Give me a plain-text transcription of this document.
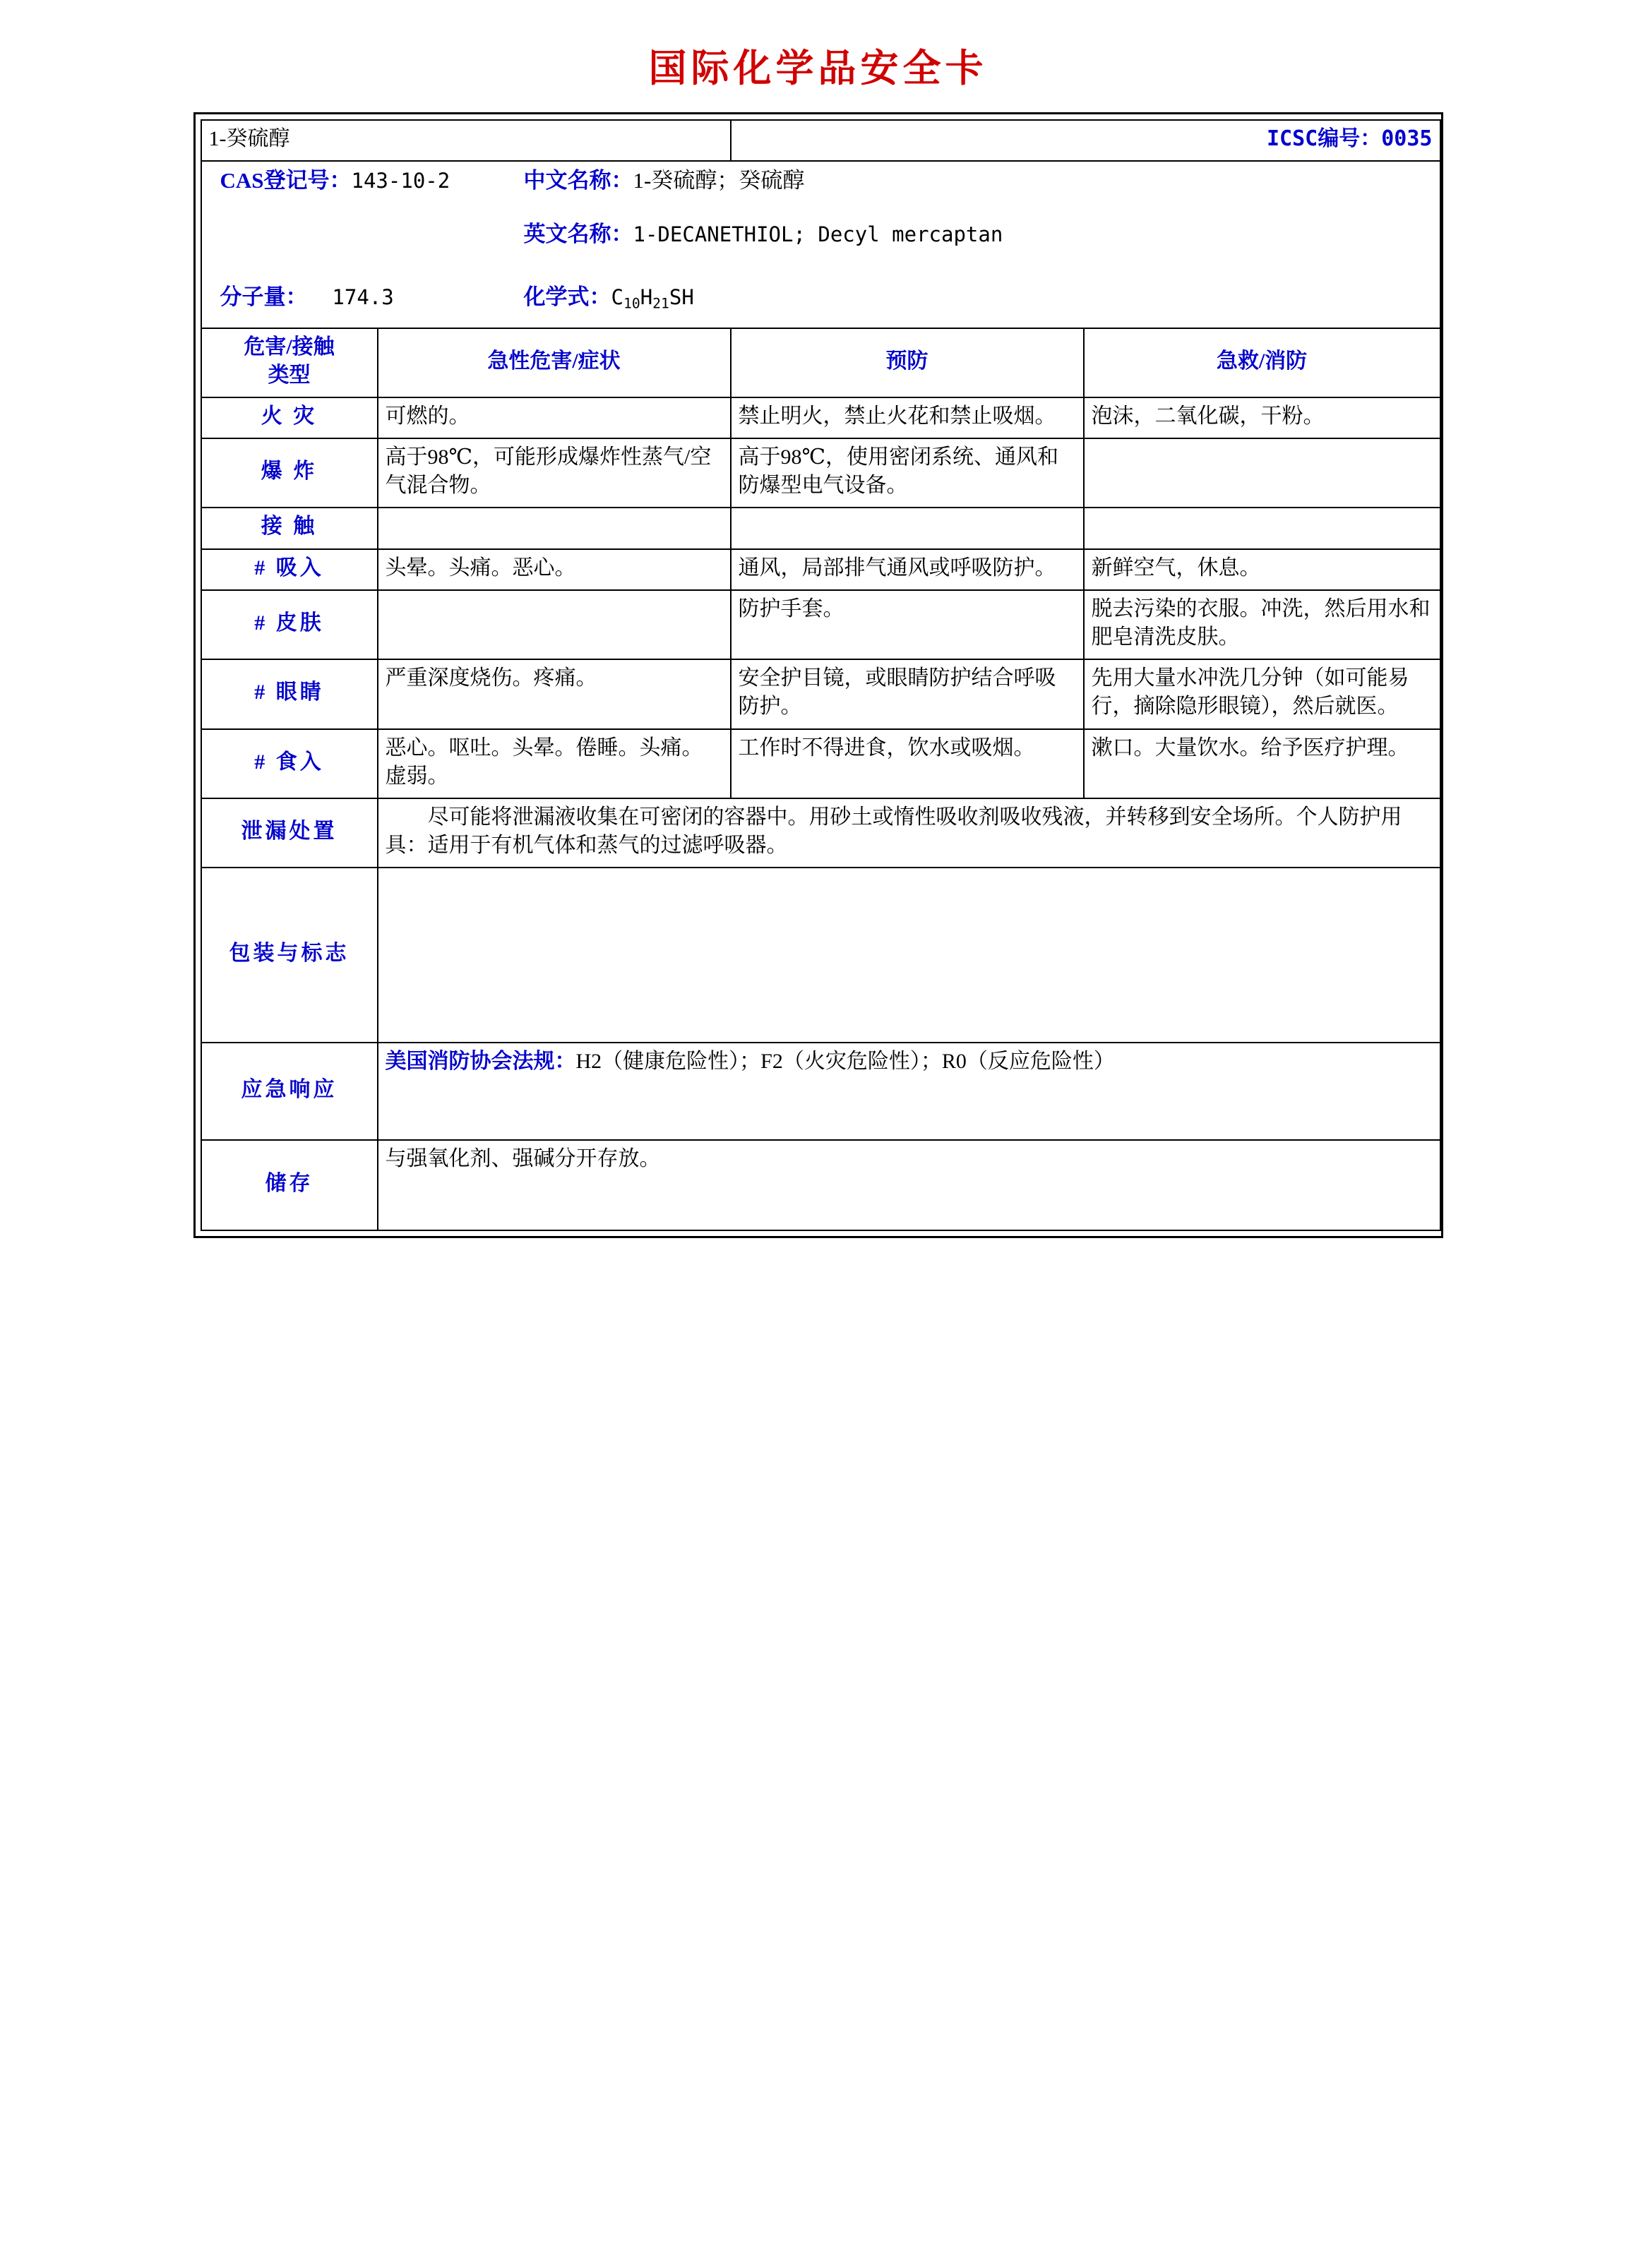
国际化学品安全卡
1-癸硫醇		ICSC编号：0035	

CAS登记号：143-10-2 中文名称：1-癸硫醇；癸硫醇

英文名称：1-DECANETHIOL; Decyl mercaptan
分子量： 174.3 化学式：$C_{10}H_{21}SH$			

危害/接触
类型	急性危害/症状	预防	急救/消防
火 灾	可燃的。	禁止明火，禁止火花和禁止吸烟。	泡沫，二氧化碳，干粉。
爆 炸	高于98℃，可能形成爆炸性蒸气/空气混合物。	高于98℃，使用密闭系统、通风和防爆型电气设备。	
接 触			
# 吸入	头晕。头痛。恶心。	通风，局部排气通风或呼吸防护。	新鲜空气，休息。
# 皮肤		防护手套。	脱去污染的衣服。冲洗，然后用水和肥皂清洗皮肤。
# 眼睛	严重深度烧伤。疼痛。	安全护目镜，或眼睛防护结合呼吸防护。	先用大量水冲洗几分钟（如可能易行，摘除隐形眼镜），然后就医。
# 食入	恶心。呕吐。头晕。倦睡。头痛。虚弱。	工作时不得进食，饮水或吸烟。	漱口。大量饮水。给予医疗护理。
泄漏处置	尽可能将泄漏液收集在可密闭的容器中。用砂土或惰性吸收剂吸收残液，并转移到安全场所。个人防护用具：适用于有机气体和蒸气的过滤呼吸器。		
包装与标志			
应急响应	美国消防协会法规：H2（健康危险性）；F2（火灾危险性）；R0（反应危险性）		
储存	与强氧化剂、强碱分开存放。		
